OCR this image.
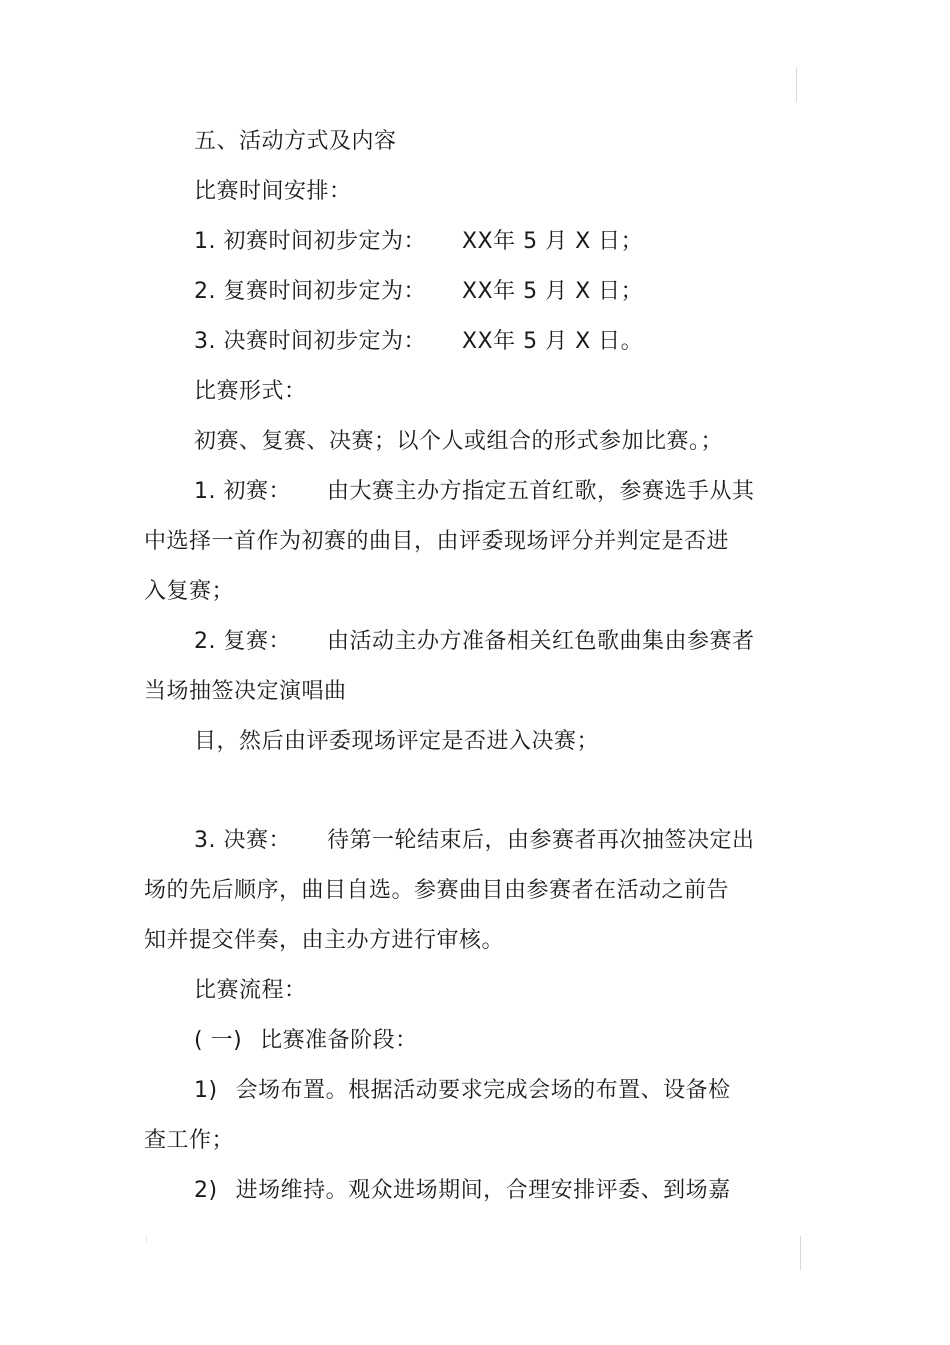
五、活动方式及内容
比赛时间安排：
1. 初赛时间初步定为： XX年 5 月 X 日；
2. 复赛时间初步定为： XX年 5 月 X 日；
3. 决赛时间初步定为： XX年 5 月 X 日。
比赛形式：
初赛、复赛、决赛；以个人或组合的形式参加比赛。；
1. 初赛： 由大赛主办方指定五首红歌，参赛选手从其
中选择一首作为初赛的曲目，由评委现场评分并判定是否进
入复赛；
2. 复赛： 由活动主办方准备相关红色歌曲集由参赛者
当场抽签决定演唱曲
目，然后由评委现场评定是否进入决赛；
3. 决赛： 待第一轮结束后，由参赛者再次抽签决定出
场的先后顺序，曲目自选。参赛曲目由参赛者在活动之前告
知并提交伴奏，由主办方进行审核。
比赛流程：
( 一) 比赛准备阶段：
1) 会场布置。根据活动要求完成会场的布置、设备检
查工作；
2) 进场维持。观众进场期间，合理安排评委、到场嘉
